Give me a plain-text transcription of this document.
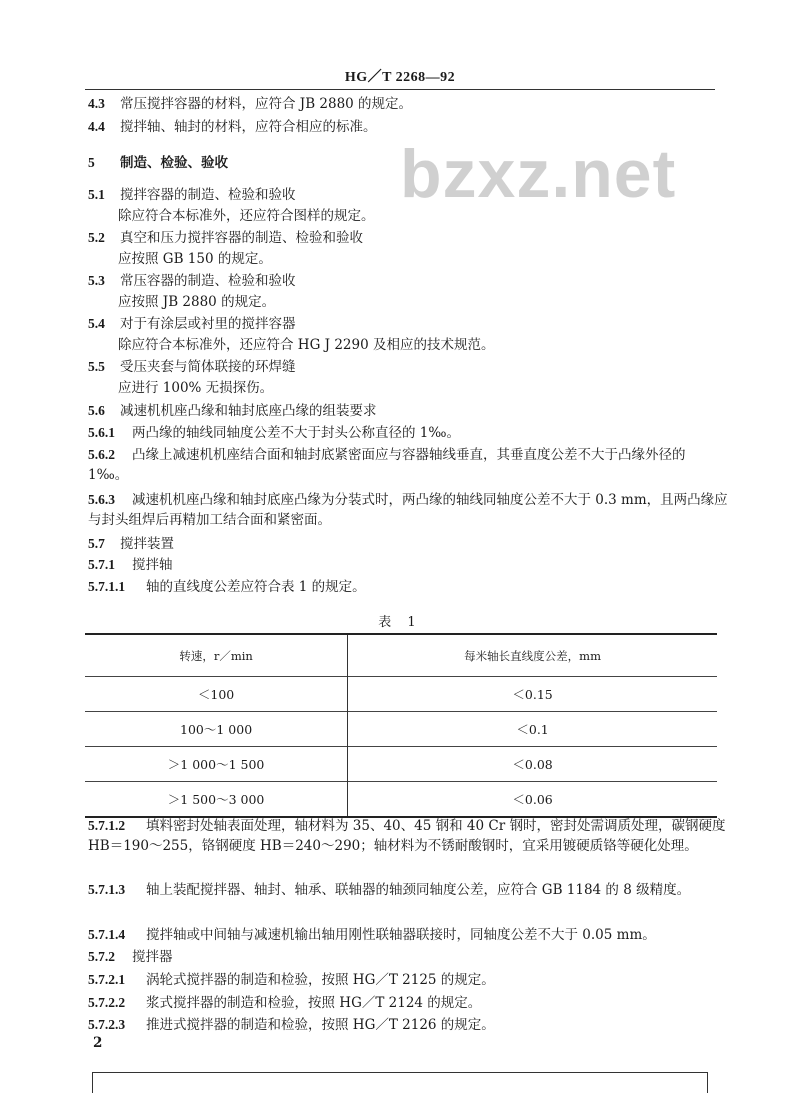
HG／T 2268—92
bzxz.net
4.3 常压搅拌容器的材料，应符合 JB 2880 的规定。
4.4 搅拌轴、轴封的材料，应符合相应的标准。
5 制造、检验、验收
5.1 搅拌容器的制造、检验和验收
除应符合本标准外，还应符合图样的规定。
5.2 真空和压力搅拌容器的制造、检验和验收
应按照 GB 150 的规定。
5.3 常压容器的制造、检验和验收
应按照 JB 2880 的规定。
5.4 对于有涂层或衬里的搅拌容器
除应符合本标准外，还应符合 HG J 2290 及相应的技术规范。
5.5 受压夹套与简体联接的环焊缝
应进行 100% 无损探伤。
5.6 减速机机座凸缘和轴封底座凸缘的组装要求
5.6.1 两凸缘的轴线同轴度公差不大于封头公称直径的 1‰。
5.6.2 凸缘上减速机机座结合面和轴封底紧密面应与容器轴线垂直，其垂直度公差不大于凸缘外径的 1‰。
5.6.3 减速机机座凸缘和轴封底座凸缘为分装式时，两凸缘的轴线同轴度公差不大于 0.3 mm，且两凸缘应与封头组焊后再精加工结合面和紧密面。
5.7 搅拌装置
5.7.1 搅拌轴
5.7.1.1 轴的直线度公差应符合表 1 的规定。
表 1
转速，r／min	每米轴长直线度公差，mm
＜100	＜0.15
100～1 000	＜0.1
＞1 000～1 500	＜0.08
＞1 500～3 000	＜0.06
5.7.1.2 填料密封处轴表面处理，轴材料为 35、40、45 钢和 40 Cr 钢时，密封处需调质处理，碳钢硬度 HB＝190～255，铬钢硬度 HB＝240～290；轴材料为不锈耐酸钢时，宜采用镀硬质铬等硬化处理。
5.7.1.3 轴上装配搅拌器、轴封、轴承、联轴器的轴颈同轴度公差，应符合 GB 1184 的 8 级精度。
5.7.1.4 搅拌轴或中间轴与减速机输出轴用刚性联轴器联接时，同轴度公差不大于 0.05 mm。
5.7.2 搅拌器
5.7.2.1 涡轮式搅拌器的制造和检验，按照 HG／T 2125 的规定。
5.7.2.2 浆式搅拌器的制造和检验，按照 HG／T 2124 的规定。
5.7.2.3 推进式搅拌器的制造和检验，按照 HG／T 2126 的规定。
2
